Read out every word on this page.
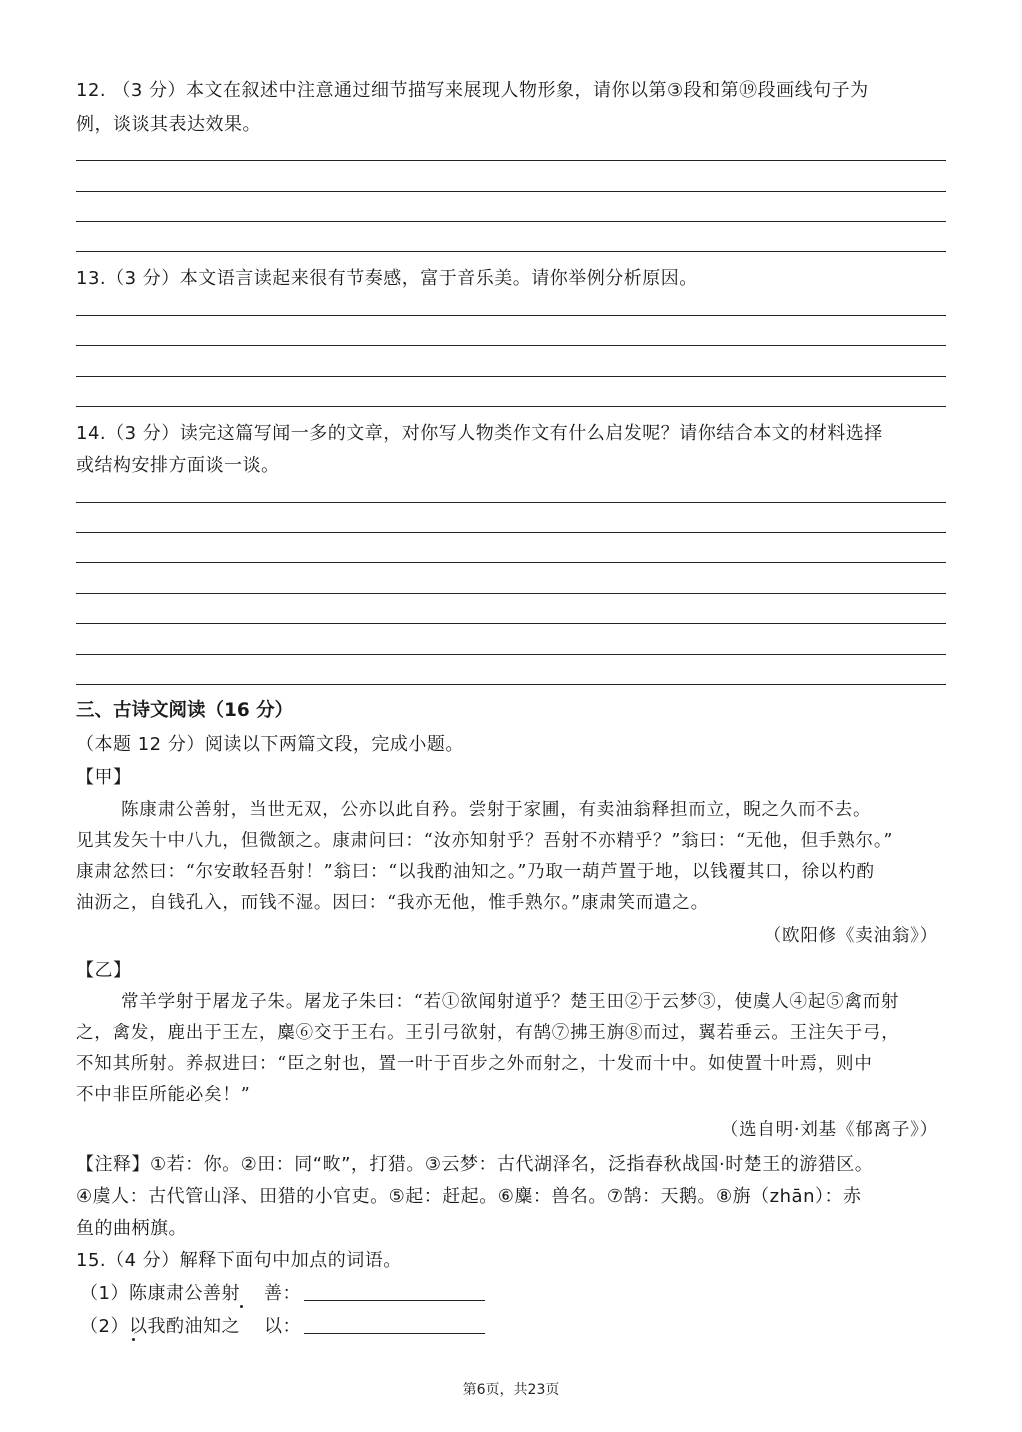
12. （3 分）本文在叙述中注意通过细节描写来展现人物形象，请你以第③段和第⑲段画线句子为
例，谈谈其表达效果。
13.（3 分）本文语言读起来很有节奏感，富于音乐美。请你举例分析原因。
14.（3 分）读完这篇写闻一多的文章，对你写人物类作文有什么启发呢？请你结合本文的材料选择
或结构安排方面谈一谈。
三、古诗文阅读（16 分）
（本题 12 分）阅读以下两篇文段，完成小题。
【甲】
陈康肃公善射，当世无双，公亦以此自矜。尝射于家圃，有卖油翁释担而立，睨之久而不去。
见其发矢十中八九，但微颔之。康肃问曰：“汝亦知射乎？吾射不亦精乎？”翁曰：“无他，但手熟尔。”
康肃忿然曰：“尔安敢轻吾射！”翁曰：“以我酌油知之。”乃取一葫芦置于地，以钱覆其口，徐以杓酌
油沥之，自钱孔入，而钱不湿。因曰：“我亦无他，惟手熟尔。”康肃笑而遣之。
（欧阳修《卖油翁》）
【乙】
常羊学射于屠龙子朱。屠龙子朱曰：“若①欲闻射道乎？楚王田②于云梦③，使虞人④起⑤禽而射
之，禽发，鹿出于王左，麋⑥交于王右。王引弓欲射，有鹄⑦拂王旃⑧而过，翼若垂云。王注矢于弓，
不知其所射。养叔进曰：“臣之射也，置一叶于百步之外而射之，十发而十中。如使置十叶焉，则中
不中非臣所能必矣！”
（选自明·刘基《郁离子》）
【注释】①若：你。②田：同“畋”，打猎。③云梦：古代湖泽名，泛指春秋战国·时楚王的游猎区。
④虞人：古代管山泽、田猎的小官吏。⑤起：赶起。⑥麋：兽名。⑦鹄：天鹅。⑧旃（zhān）：赤
鱼的曲柄旗。
15.（4 分）解释下面句中加点的词语。
（1）陈康肃公善射 善：
（2）以我酌油知之 以：
第6页，共23页
